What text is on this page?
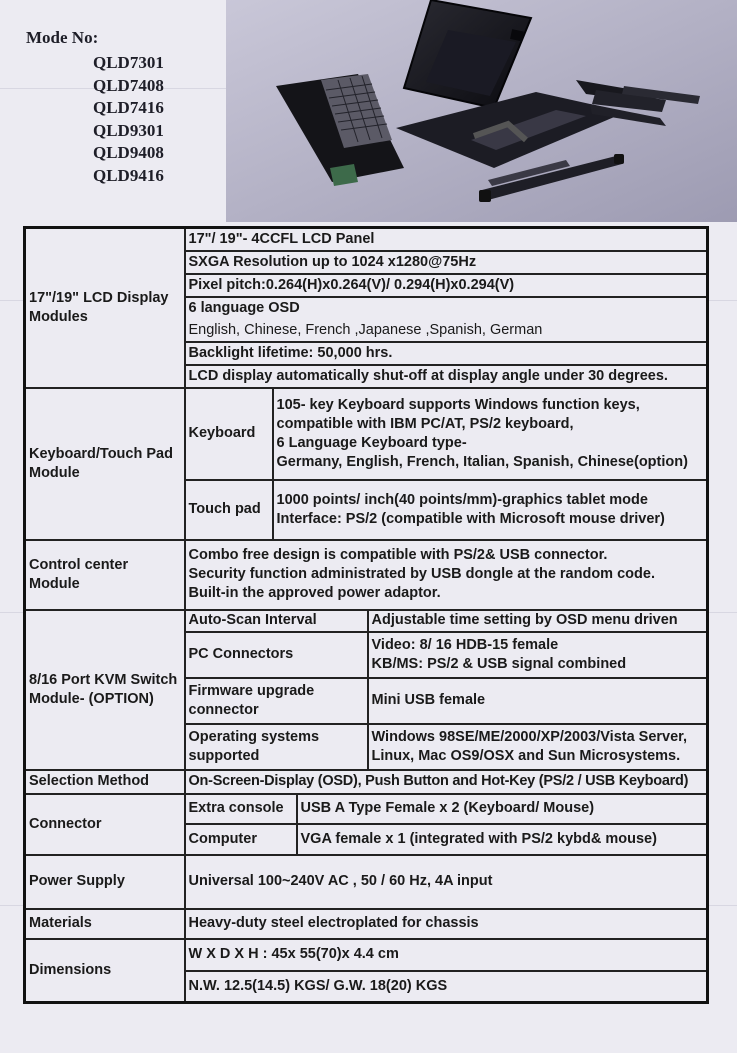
Mode No:
QLD7301
QLD7408
QLD7416
QLD9301
QLD9408
QLD9416
17"/19" LCD Display Modules	17"/ 19"- 4CCFL LCD Panel			
	SXGA Resolution up to 1024 x1280@75Hz			
	Pixel pitch:0.264(H)x0.264(V)/ 0.294(H)x0.294(V)			
	6 language OSD			
	English, Chinese, French ,Japanese ,Spanish, German			
	Backlight lifetime: 50,000 hrs.			
	LCD display automatically shut-off at display angle under 30 degrees.			
Keyboard/Touch Pad Module	Keyboard	105- key Keyboard supports Windows function keys,
compatible with IBM PC/AT, PS/2 keyboard,
6 Language Keyboard type-
Germany, English, French, Italian, Spanish, Chinese(option)		

	Touch pad	1000 points/ inch(40 points/mm)-graphics tablet mode
Interface: PS/2 (compatible with Microsoft mouse driver)		

Control center Module	Combo free design is compatible with PS/2& USB connector.
Security function administrated by USB dongle at the random code.
Built-in the approved power adaptor.			

8/16 Port KVM Switch Module- (OPTION)	Auto-Scan Interval			Adjustable time setting by OSD menu driven
	PC Connectors			Video: 8/ 16 HDB-15 female
KB/MS: PS/2 & USB signal combined

	Firmware upgrade connector			Mini USB female
	Operating systems supported			Windows 98SE/ME/2000/XP/2003/Vista Server, Linux, Mac OS9/OSX and Sun Microsystems.
Selection Method	On-Screen-Display (OSD), Push Button and Hot-Key (PS/2 / USB Keyboard)			
Connector	Extra console		USB A Type Female x 2 (Keyboard/ Mouse)	
	Computer		VGA female x 1 (integrated with PS/2 kybd& mouse)	
Power Supply	Universal 100~240V AC , 50 / 60 Hz, 4A input			
Materials	Heavy-duty steel electroplated for chassis			
Dimensions	W X D X H : 45x 55(70)x 4.4 cm			
	N.W. 12.5(14.5) KGS/ G.W. 18(20) KGS			
